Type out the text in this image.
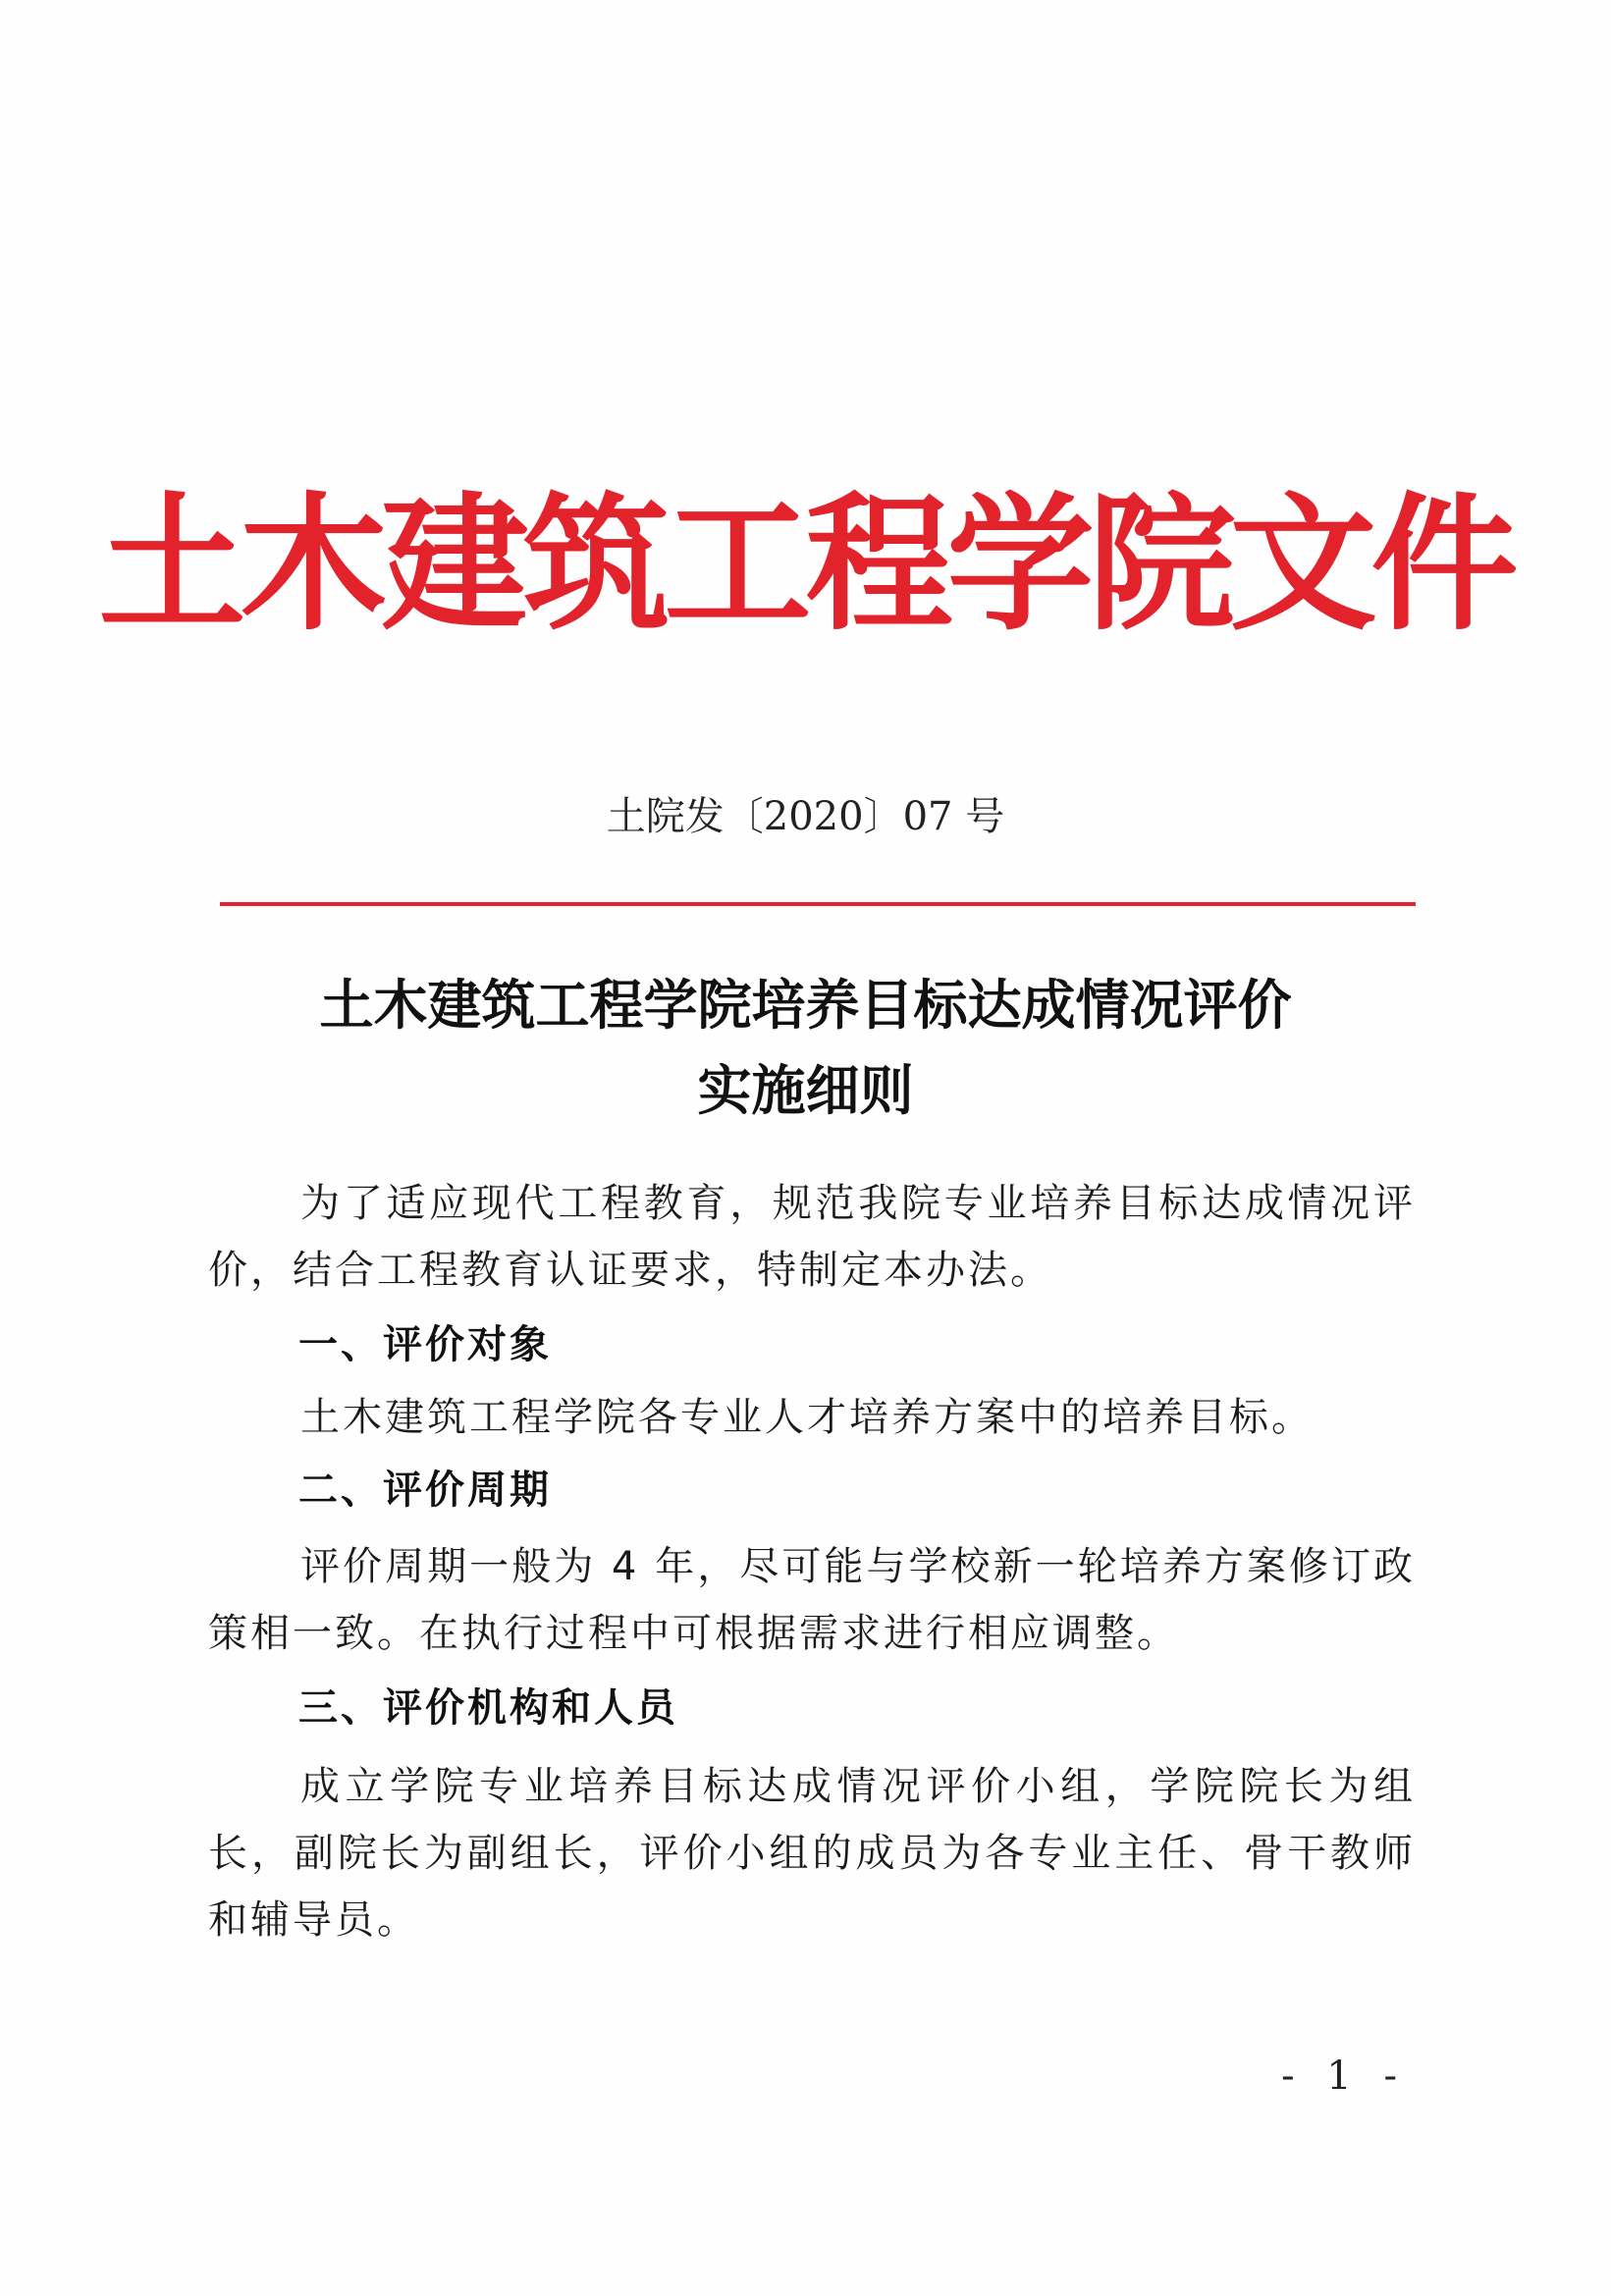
土木建筑工程学院文件
土院发〔2020〕07 号
土木建筑工程学院培养目标达成情况评价
实施细则

为了适应现代工程教育，规范我院专业培养目标达成情况评价，结合工程教育认证要求，特制定本办法。

一、评价对象

土木建筑工程学院各专业人才培养方案中的培养目标。

二、评价周期

评价周期一般为 4 年，尽可能与学校新一轮培养方案修订政策相一致。在执行过程中可根据需求进行相应调整。

三、评价机构和人员

成立学院专业培养目标达成情况评价小组，学院院长为组长，副院长为副组长，评价小组的成员为各专业主任、骨干教师和辅导员。

- 1 -
